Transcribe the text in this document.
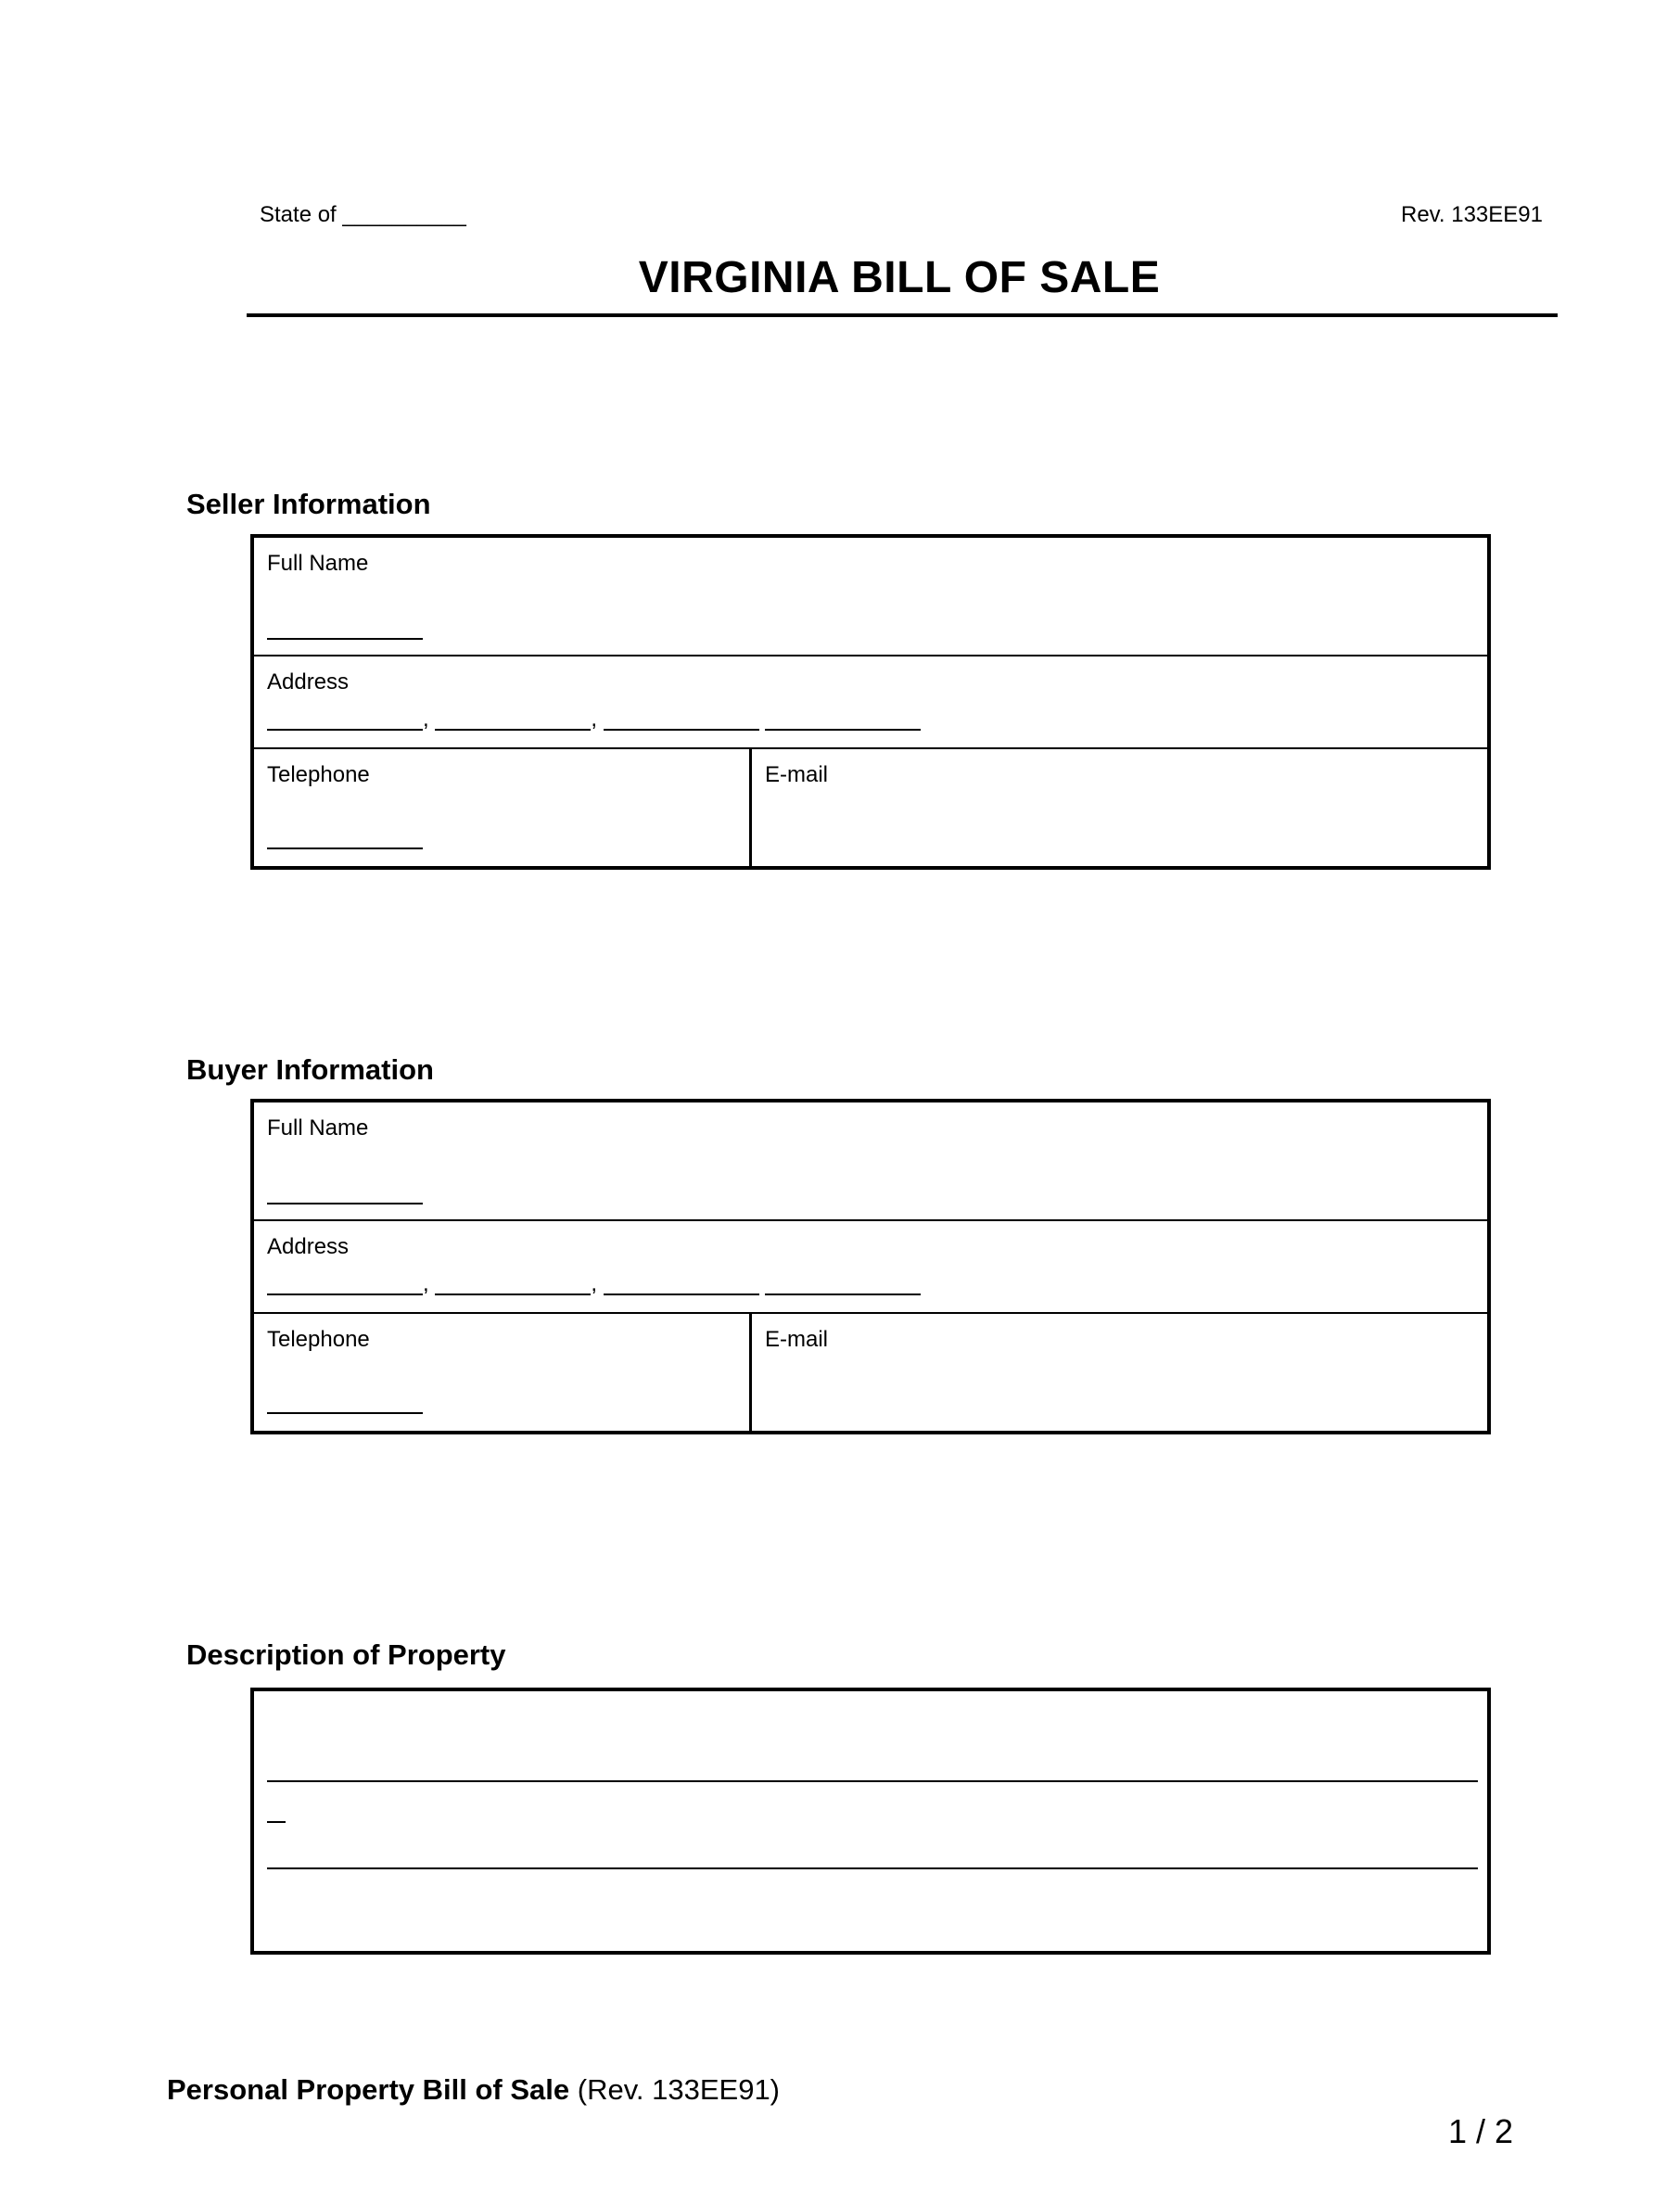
State of __________	Rev. 133EE91
VIRGINIA BILL OF SALE
Seller Information
Full Name
Address
,	,
Telephone	E-mail
Buyer Information
Full Name
Address
,	,
Telephone	E-mail
Description of Property
Personal Property Bill of Sale (Rev. 133EE91)
1 / 2
